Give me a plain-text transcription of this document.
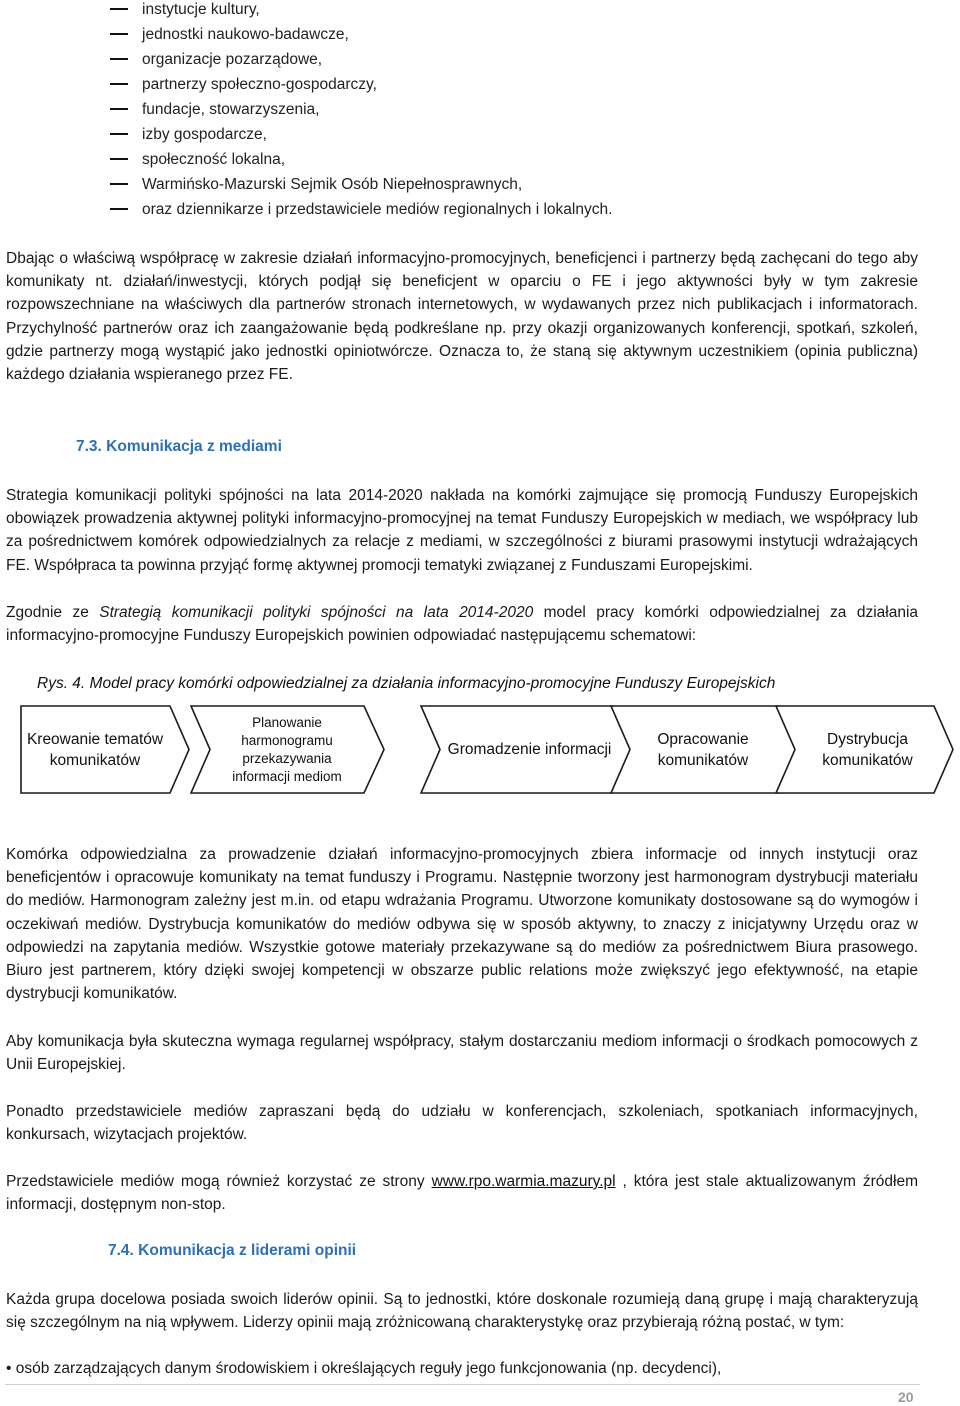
instytucje kultury,
jednostki naukowo-badawcze,
organizacje pozarządowe,
partnerzy społeczno-gospodarczy,
fundacje, stowarzyszenia,
izby gospodarcze,
społeczność lokalna,
Warmińsko-Mazurski Sejmik Osób Niepełnosprawnych,
oraz dziennikarze i przedstawiciele mediów regionalnych i lokalnych.

Dbając o właściwą współpracę w zakresie działań informacyjno-promocyjnych, beneficjenci i partnerzy będą zachęcani do tego aby komunikaty nt. działań/inwestycji, których podjął się beneficjent w oparciu o FE i jego aktywności były w tym zakresie rozpowszechniane na właściwych dla partnerów stronach internetowych, w wydawanych przez nich publikacjach i informatorach. Przychylność partnerów oraz ich zaangażowanie będą podkreślane np. przy okazji organizowanych konferencji, spotkań, szkoleń, gdzie partnerzy mogą wystąpić jako jednostki opiniotwórcze. Oznacza to, że staną się aktywnym uczestnikiem (opinia publiczna) każdego działania wspieranego przez FE.

7.3. Komunikacja z mediami

Strategia komunikacji polityki spójności na lata 2014-2020 nakłada na komórki zajmujące się promocją Funduszy Europejskich obowiązek prowadzenia aktywnej polityki informacyjno-promocyjnej na temat Funduszy Europejskich w mediach, we współpracy lub za pośrednictwem komórek odpowiedzialnych za relacje z mediami, w szczególności z biurami prasowymi instytucji wdrażających FE. Współpraca ta powinna przyjąć formę aktywnej promocji tematyki związanej z Funduszami Europejskimi.

Zgodnie ze Strategią komunikacji polityki spójności na lata 2014-2020 model pracy komórki odpowiedzialnej za działania informacyjno-promocyjne Funduszy Europejskich powinien odpowiadać następującemu schematowi:

Rys. 4. Model pracy komórki odpowiedzialnej za działania informacyjno-promocyjne Funduszy Europejskich

Kreowanie tematów komunikatów
Planowanie harmonogramu przekazywania informacji mediom
Gromadzenie informacji
Opracowanie komunikatów
Dystrybucja komunikatów

Komórka odpowiedzialna za prowadzenie działań informacyjno-promocyjnych zbiera informacje od innych instytucji oraz beneficjentów i opracowuje komunikaty na temat funduszy i Programu. Następnie tworzony jest harmonogram dystrybucji materiału do mediów. Harmonogram zależny jest m.in. od etapu wdrażania Programu. Utworzone komunikaty dostosowane są do wymogów i oczekiwań mediów. Dystrybucja komunikatów do mediów odbywa się w sposób aktywny, to znaczy z inicjatywny Urzędu oraz w odpowiedzi na zapytania mediów. Wszystkie gotowe materiały przekazywane są do mediów za pośrednictwem Biura prasowego. Biuro jest partnerem, który dzięki swojej kompetencji w obszarze public relations może zwiększyć jego efektywność, na etapie dystrybucji komunikatów.

Aby komunikacja była skuteczna wymaga regularnej współpracy, stałym dostarczaniu mediom informacji o środkach pomocowych z Unii Europejskiej.

Ponadto przedstawiciele mediów zapraszani będą do udziału w konferencjach, szkoleniach, spotkaniach informacyjnych, konkursach, wizytacjach projektów.

Przedstawiciele mediów mogą również korzystać ze strony www.rpo.warmia.mazury.pl , która jest stale aktualizowanym źródłem informacji, dostępnym non-stop.

7.4. Komunikacja z liderami opinii

Każda grupa docelowa posiada swoich liderów opinii. Są to jednostki, które doskonale rozumieją daną grupę i mają charakteryzują się szczególnym na nią wpływem. Liderzy opinii mają zróżnicowaną charakterystykę oraz przybierają różną postać, w tym:

• osób zarządzających danym środowiskiem i określających reguły jego funkcjonowania (np. decydenci),

20
